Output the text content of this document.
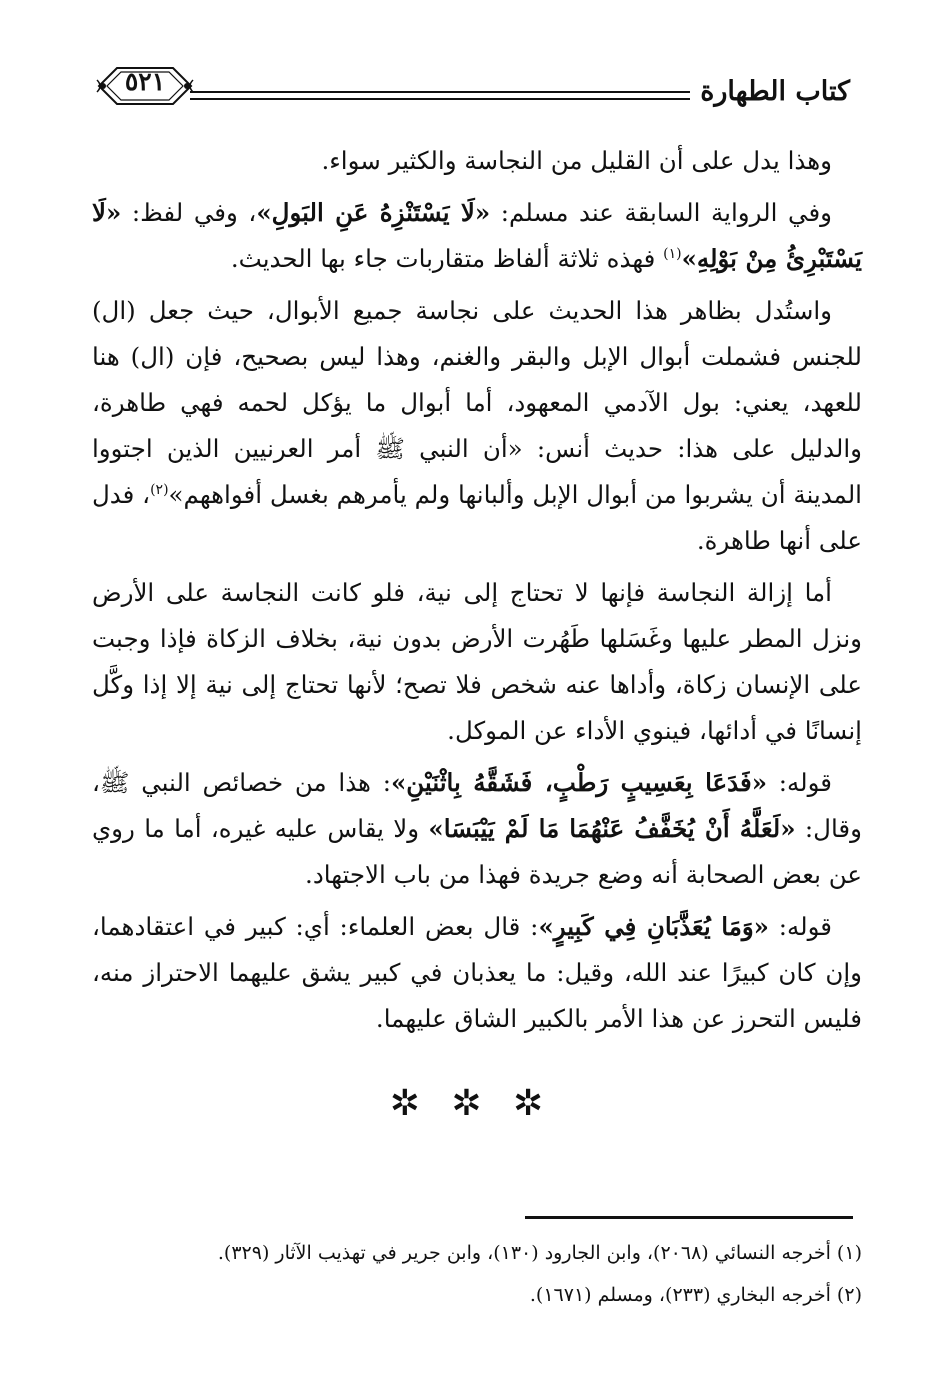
كتاب الطهارة
٥٢١

وهذا يدل على أن القليل من النجاسة والكثير سواء.

وفي الرواية السابقة عند مسلم: «لَا يَسْتَنْزِهُ عَنِ البَولِ»، وفي لفظ: «لَا يَسْتَبْرِئُ مِنْ بَوْلِهِ»$^{(١)}$ فهذه ثلاثة ألفاظ متقاربات جاء بها الحديث.

واستُدل بظاهر هذا الحديث على نجاسة جميع الأبوال، حيث جعل (ال) للجنس فشملت أبوال الإبل والبقر والغنم، وهذا ليس بصحيح، فإن (ال) هنا للعهد، يعني: بول الآدمي المعهود، أما أبوال ما يؤكل لحمه فهي طاهرة، والدليل على هذا: حديث أنس: «أن النبي ﷺ أمر العرنيين الذين اجتووا المدينة أن يشربوا من أبوال الإبل وألبانها ولم يأمرهم بغسل أفواههم»$^{(٢)}$، فدل على أنها طاهرة.

أما إزالة النجاسة فإنها لا تحتاج إلى نية، فلو كانت النجاسة على الأرض ونزل المطر عليها وغَسَلها طَهُرت الأرض بدون نية، بخلاف الزكاة فإذا وجبت على الإنسان زكاة، وأداها عنه شخص فلا تصح؛ لأنها تحتاج إلى نية إلا إذا وكَّل إنسانًا في أدائها، فينوي الأداء عن الموكل.

قوله: «فَدَعَا بِعَسِيبٍ رَطْبٍ، فَشَقَّهُ بِاثْنَيْنِ»: هذا من خصائص النبي ﷺ، وقال: «لَعَلَّهُ أَنْ يُخَفَّفُ عَنْهُمَا مَا لَمْ يَيْبَسَا» ولا يقاس عليه غيره، أما ما روي عن بعض الصحابة أنه وضع جريدة فهذا من باب الاجتهاد.

قوله: «وَمَا يُعَذَّبَانِ فِي كَبِيرٍ»: قال بعض العلماء: أي: كبير في اعتقادهما، وإن كان كبيرًا عند الله، وقيل: ما يعذبان في كبير يشق عليهما الاحتراز منه، فليس التحرز عن هذا الأمر بالكبير الشاق عليهما.

✲ ✲ ✲
(١) أخرجه النسائي (٢٠٦٨)، وابن الجارود (١٣٠)، وابن جرير في تهذيب الآثار (٣٢٩).
(٢) أخرجه البخاري (٢٣٣)، ومسلم (١٦٧١).
